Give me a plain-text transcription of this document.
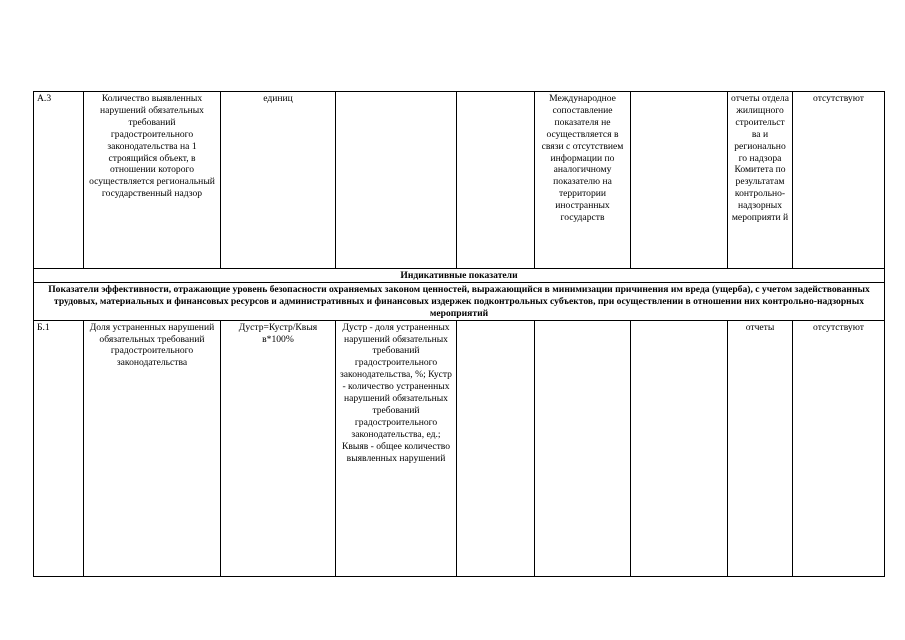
А.3	Количество выявленных нарушений обязательных требований градостроительного законодательства на 1 строящийся объект, в отношении которого осуществляется региональный государственный надзор	единиц			Международное сопоставление показателя не осуществляется в связи с отсутствием информации по аналогичному показателю на территории иностранных государств		отчеты отдела жилищного строительст ва и регионально го надзора Комитета по результатам контрольно-надзорных мероприяти й	отсутствуют
Индикативные показатели								
Показатели эффективности, отражающие уровень безопасности охраняемых законом ценностей, выражающийся в минимизации причинения им вреда (ущерба), с учетом задействованных трудовых, материальных и финансовых ресурсов и административных и финансовых издержек подконтрольных субъектов, при осуществлении в отношении них контрольно-надзорных мероприятий								
Б.1	Доля устраненных нарушений обязательных требований градостроительного законодательства	Дустр=Кустр/Квыя в*100%	Дустр - доля устраненных нарушений обязательных требований градостроительного законодательства, %; Кустр - количество устраненных нарушений обязательных требований градостроительного законодательства, ед.; Квыяв - общее количество выявленных нарушений				отчеты	отсутствуют
